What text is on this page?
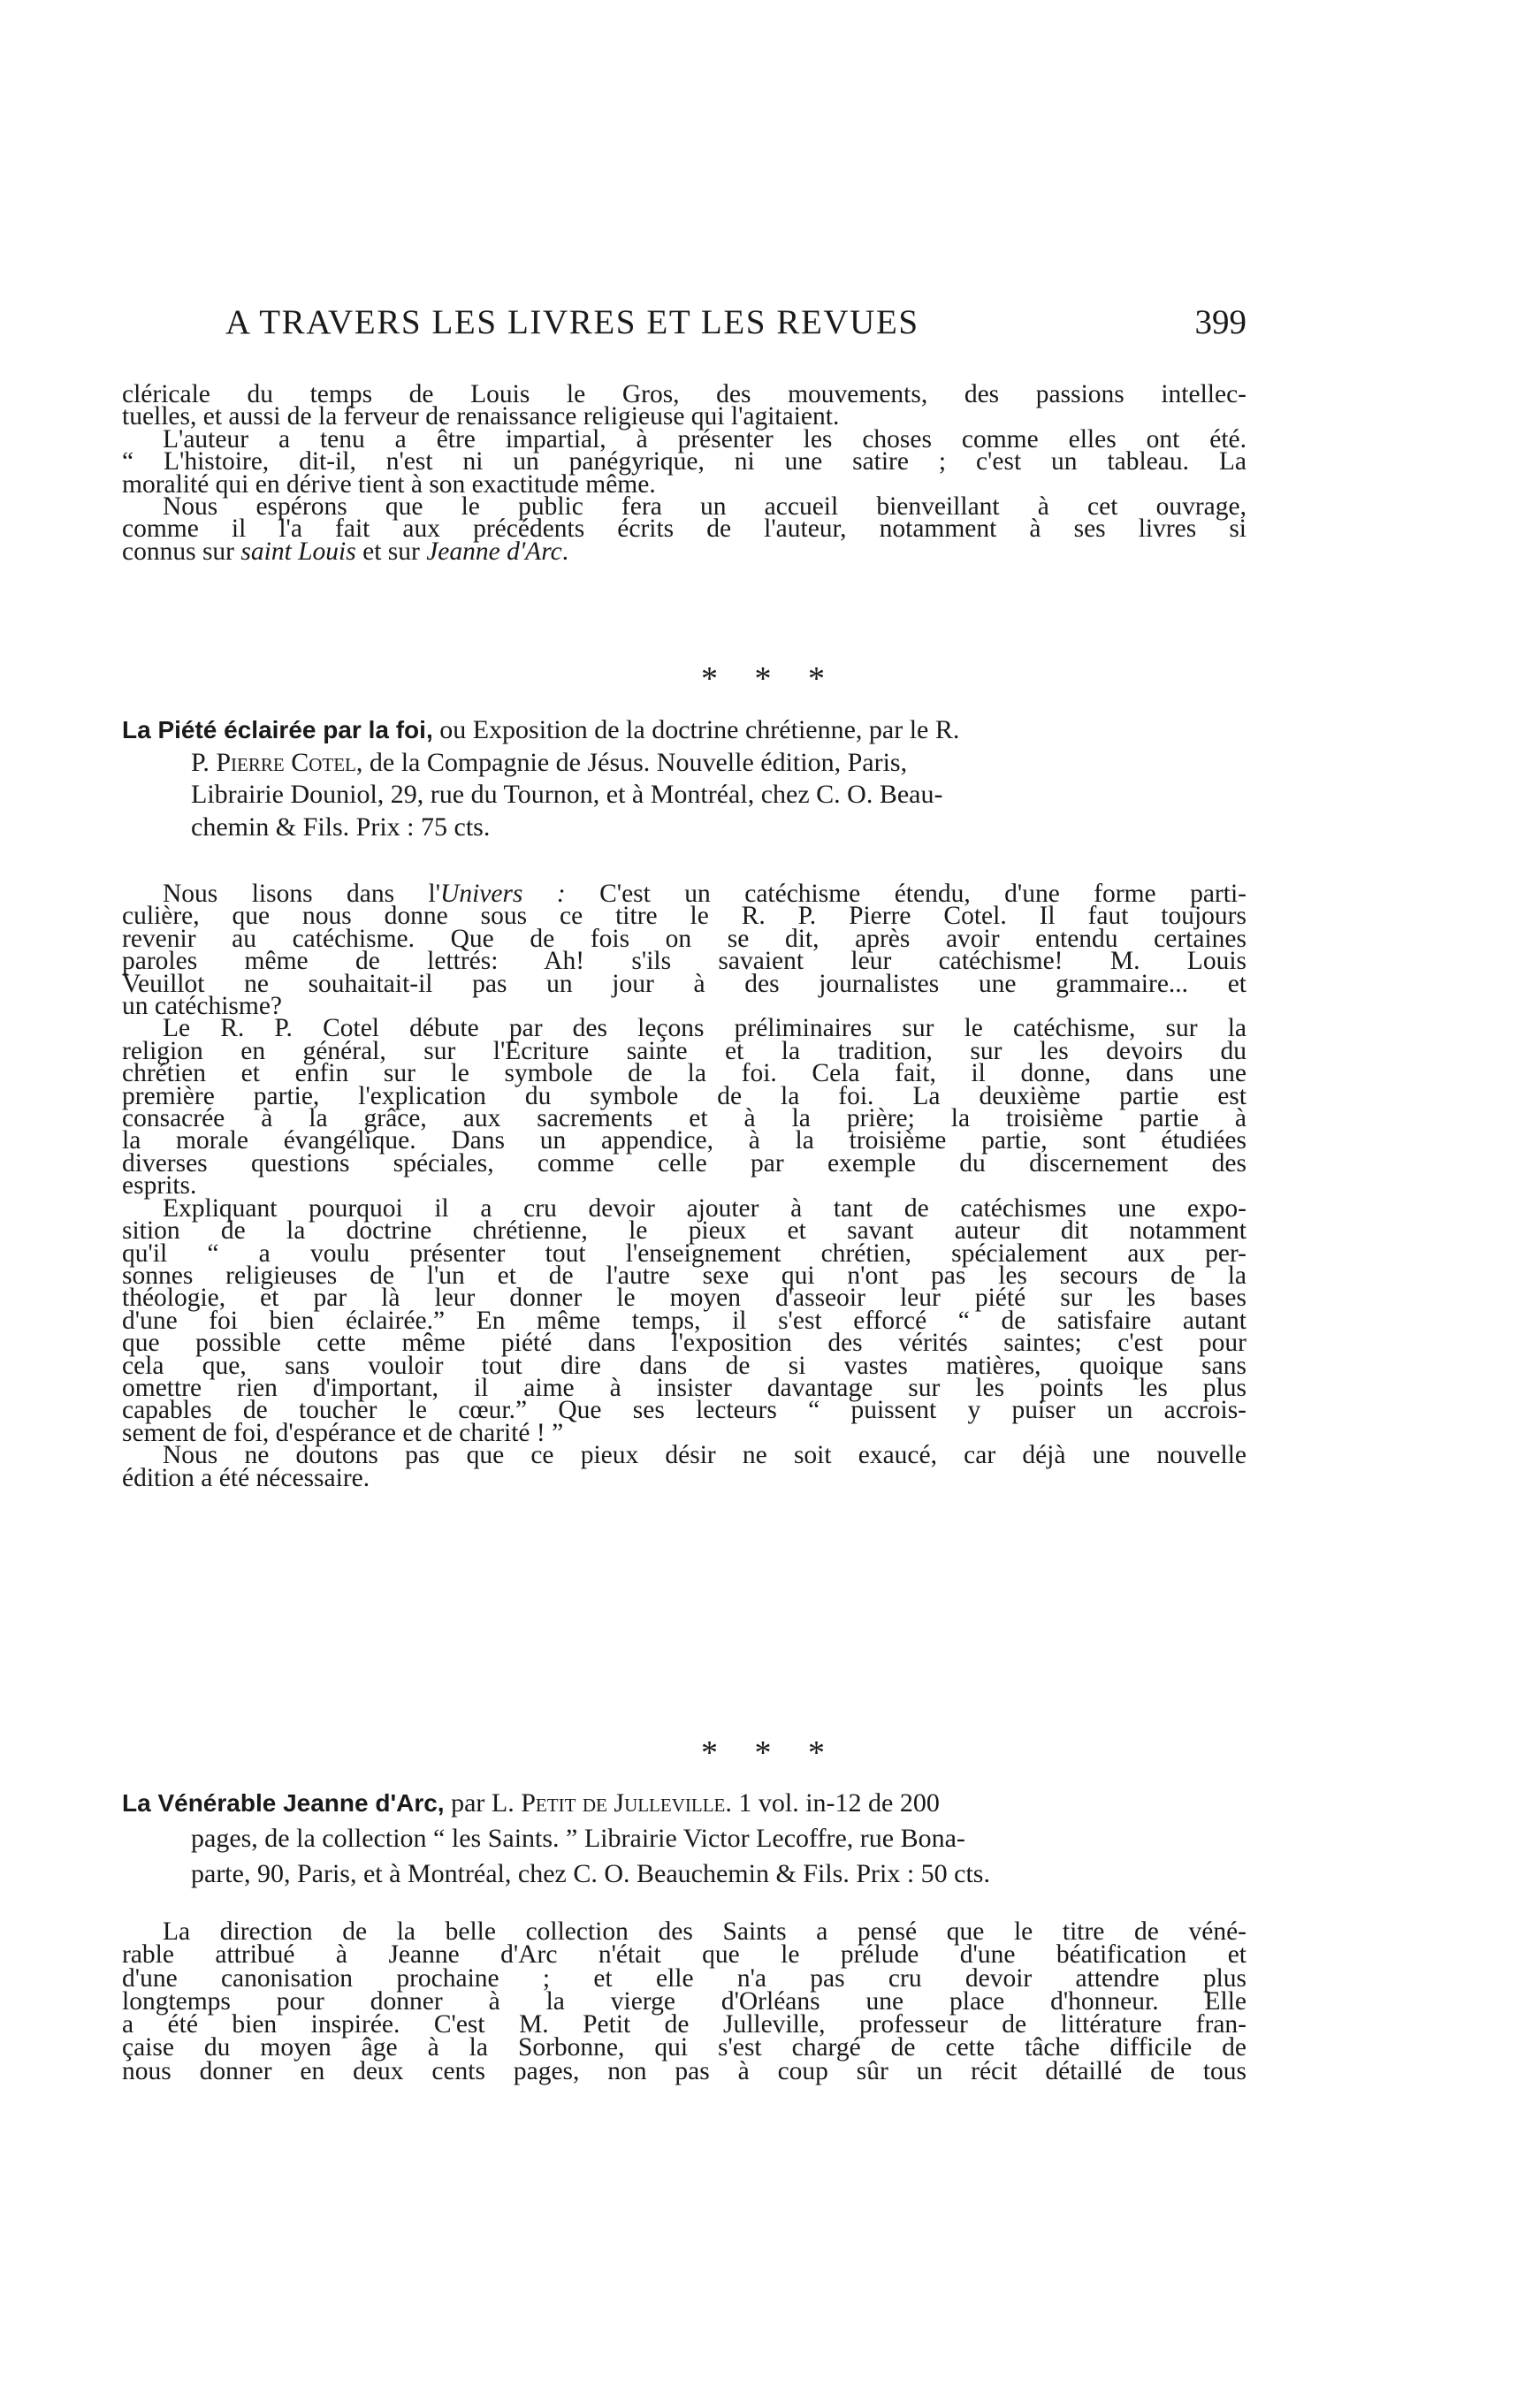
A TRAVERS LES LIVRES ET LES REVUES	399

cléricale du temps de Louis le Gros, des mouvements, des passions intellec-

tuelles, et aussi de la ferveur de renaissance religieuse qui l'agitaient.

L'auteur a tenu a être impartial, à présenter les choses comme elles ont été.

“ L'histoire, dit-il, n'est ni un panégyrique, ni une satire ; c'est un tableau. La

moralité qui en dérive tient à son exactitude même.

Nous espérons que le public fera un accueil bienveillant à cet ouvrage,

comme il l'a fait aux précédents écrits de l'auteur, notamment à ses livres si

connus sur saint Louis et sur Jeanne d'Arc.

* * *
La Piété éclairée par la foi, ou Exposition de la doctrine chrétienne, par le R.
P. Pierre Cotel, de la Compagnie de Jésus. Nouvelle édition, Paris,
Librairie Douniol, 29, rue du Tournon, et à Montréal, chez C. O. Beau-
chemin & Fils. Prix : 75 cts.

Nous lisons dans l'Univers : C'est un catéchisme étendu, d'une forme parti-

culière, que nous donne sous ce titre le R. P. Pierre Cotel. Il faut toujours

revenir au catéchisme. Que de fois on se dit, après avoir entendu certaines

paroles même de lettrés: Ah! s'ils savaient leur catéchisme! M. Louis

Veuillot ne souhaitait-il pas un jour à des journalistes une grammaire... et

un catéchisme?

Le R. P. Cotel débute par des leçons préliminaires sur le catéchisme, sur la

religion en général, sur l'Ecriture sainte et la tradition, sur les devoirs du

chrétien et enfin sur le symbole de la foi. Cela fait, il donne, dans une

première partie, l'explication du symbole de la foi. La deuxième partie est

consacrée à la grâce, aux sacrements et à la prière; la troisième partie à

la morale évangélique. Dans un appendice, à la troisième partie, sont étudiées

diverses questions spéciales, comme celle par exemple du discernement des

esprits.

Expliquant pourquoi il a cru devoir ajouter à tant de catéchismes une expo-

sition de la doctrine chrétienne, le pieux et savant auteur dit notamment

qu'il “ a voulu présenter tout l'enseignement chrétien, spécialement aux per-

sonnes religieuses de l'un et de l'autre sexe qui n'ont pas les secours de la

théologie, et par là leur donner le moyen d'asseoir leur piété sur les bases

d'une foi bien éclairée.” En même temps, il s'est efforcé “ de satisfaire autant

que possible cette même piété dans l'exposition des vérités saintes; c'est pour

cela que, sans vouloir tout dire dans de si vastes matières, quoique sans

omettre rien d'important, il aime à insister davantage sur les points les plus

capables de toucher le cœur.” Que ses lecteurs “ puissent y puiser un accrois-

sement de foi, d'espérance et de charité ! ”

Nous ne doutons pas que ce pieux désir ne soit exaucé, car déjà une nouvelle

édition a été nécessaire.

* * *
La Vénérable Jeanne d'Arc, par L. Petit de Julleville. 1 vol. in-12 de 200
pages, de la collection “ les Saints. ” Librairie Victor Lecoffre, rue Bona-
parte, 90, Paris, et à Montréal, chez C. O. Beauchemin & Fils. Prix : 50 cts.

La direction de la belle collection des Saints a pensé que le titre de véné-

rable attribué à Jeanne d'Arc n'était que le prélude d'une béatification et

d'une canonisation prochaine ; et elle n'a pas cru devoir attendre plus

longtemps pour donner à la vierge d'Orléans une place d'honneur. Elle

a été bien inspirée. C'est M. Petit de Julleville, professeur de littérature fran-

çaise du moyen âge à la Sorbonne, qui s'est chargé de cette tâche difficile de

nous donner en deux cents pages, non pas à coup sûr un récit détaillé de tous
